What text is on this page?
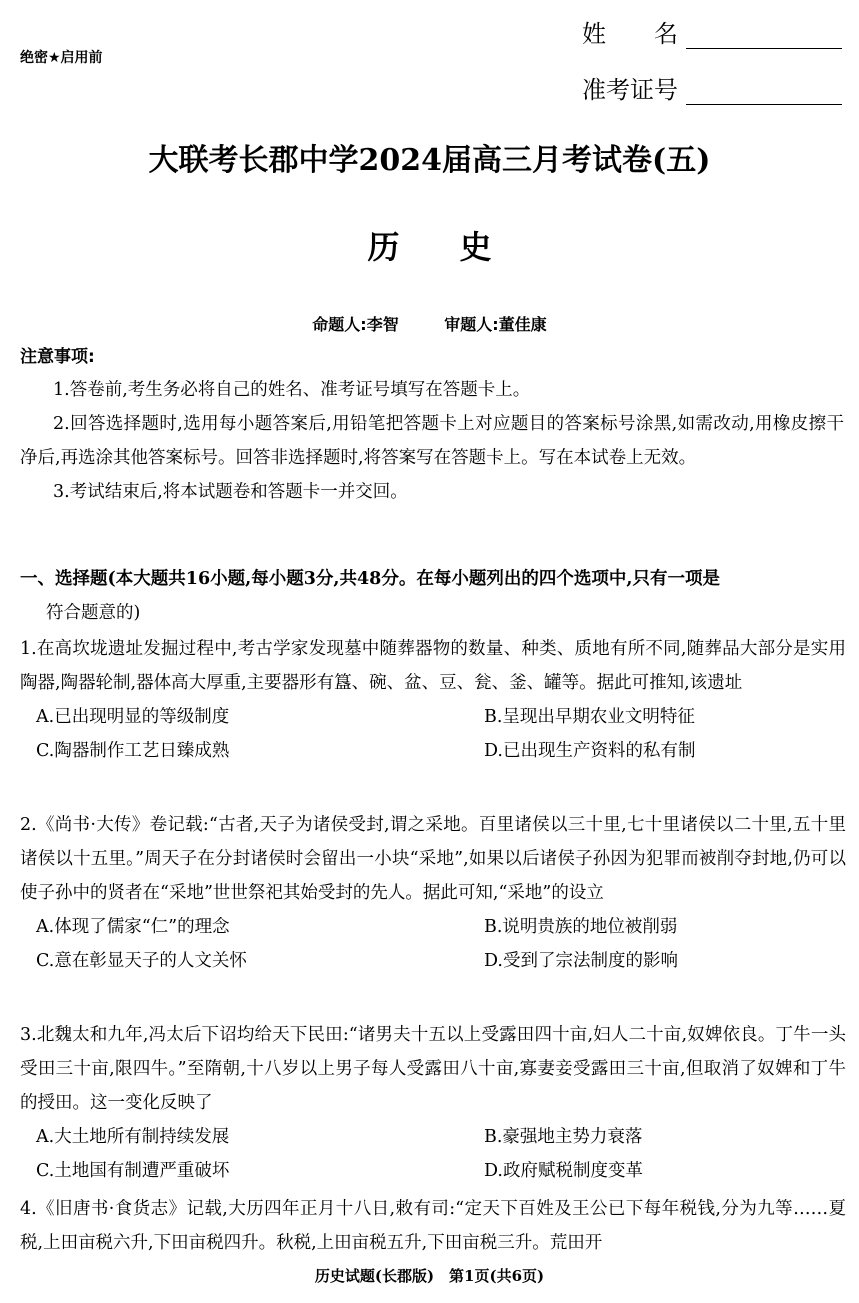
绝密★启用前
姓　　名
准考证号
大联考长郡中学2024届高三月考试卷(五)
历史
命题人:李智	审题人:董佳康
注意事项:

1.答卷前,考生务必将自己的姓名、准考证号填写在答题卡上。

2.回答选择题时,选用每小题答案后,用铅笔把答题卡上对应题目的答案标号涂黑,如需改动,用橡皮擦干净后,再选涂其他答案标号。回答非选择题时,将答案写在答题卡上。写在本试卷上无效。

3.考试结束后,将本试题卷和答题卡一并交回。

一、选择题(本大题共16小题,每小题3分,共48分。在每小题列出的四个选项中,只有一项是

符合题意的)

1.在高坎垅遗址发掘过程中,考古学家发现墓中随葬器物的数量、种类、质地有所不同,随葬品大部分是实用陶器,陶器轮制,器体高大厚重,主要器形有簋、碗、盆、豆、瓮、釜、罐等。据此可推知,该遗址

A.已出现明显的等级制度	B.呈现出早期农业文明特征
C.陶器制作工艺日臻成熟	D.已出现生产资料的私有制

2.《尚书·大传》卷记载:“古者,天子为诸侯受封,谓之采地。百里诸侯以三十里,七十里诸侯以二十里,五十里诸侯以十五里。”周天子在分封诸侯时会留出一小块“采地”,如果以后诸侯子孙因为犯罪而被削夺封地,仍可以使子孙中的贤者在“采地”世世祭祀其始受封的先人。据此可知,“采地”的设立

A.体现了儒家“仁”的理念	B.说明贵族的地位被削弱
C.意在彰显天子的人文关怀	D.受到了宗法制度的影响

3.北魏太和九年,冯太后下诏均给天下民田:“诸男夫十五以上受露田四十亩,妇人二十亩,奴婢依良。丁牛一头受田三十亩,限四牛。”至隋朝,十八岁以上男子每人受露田八十亩,寡妻妾受露田三十亩,但取消了奴婢和丁牛的授田。这一变化反映了

A.大土地所有制持续发展	B.豪强地主势力衰落
C.土地国有制遭严重破坏	D.政府赋税制度变革

4.《旧唐书·食货志》记载,大历四年正月十八日,敕有司:“定天下百姓及王公已下每年税钱,分为九等……夏税,上田亩税六升,下田亩税四升。秋税,上田亩税五升,下田亩税三升。荒田开

历史试题(长郡版)　第1页(共6页)
